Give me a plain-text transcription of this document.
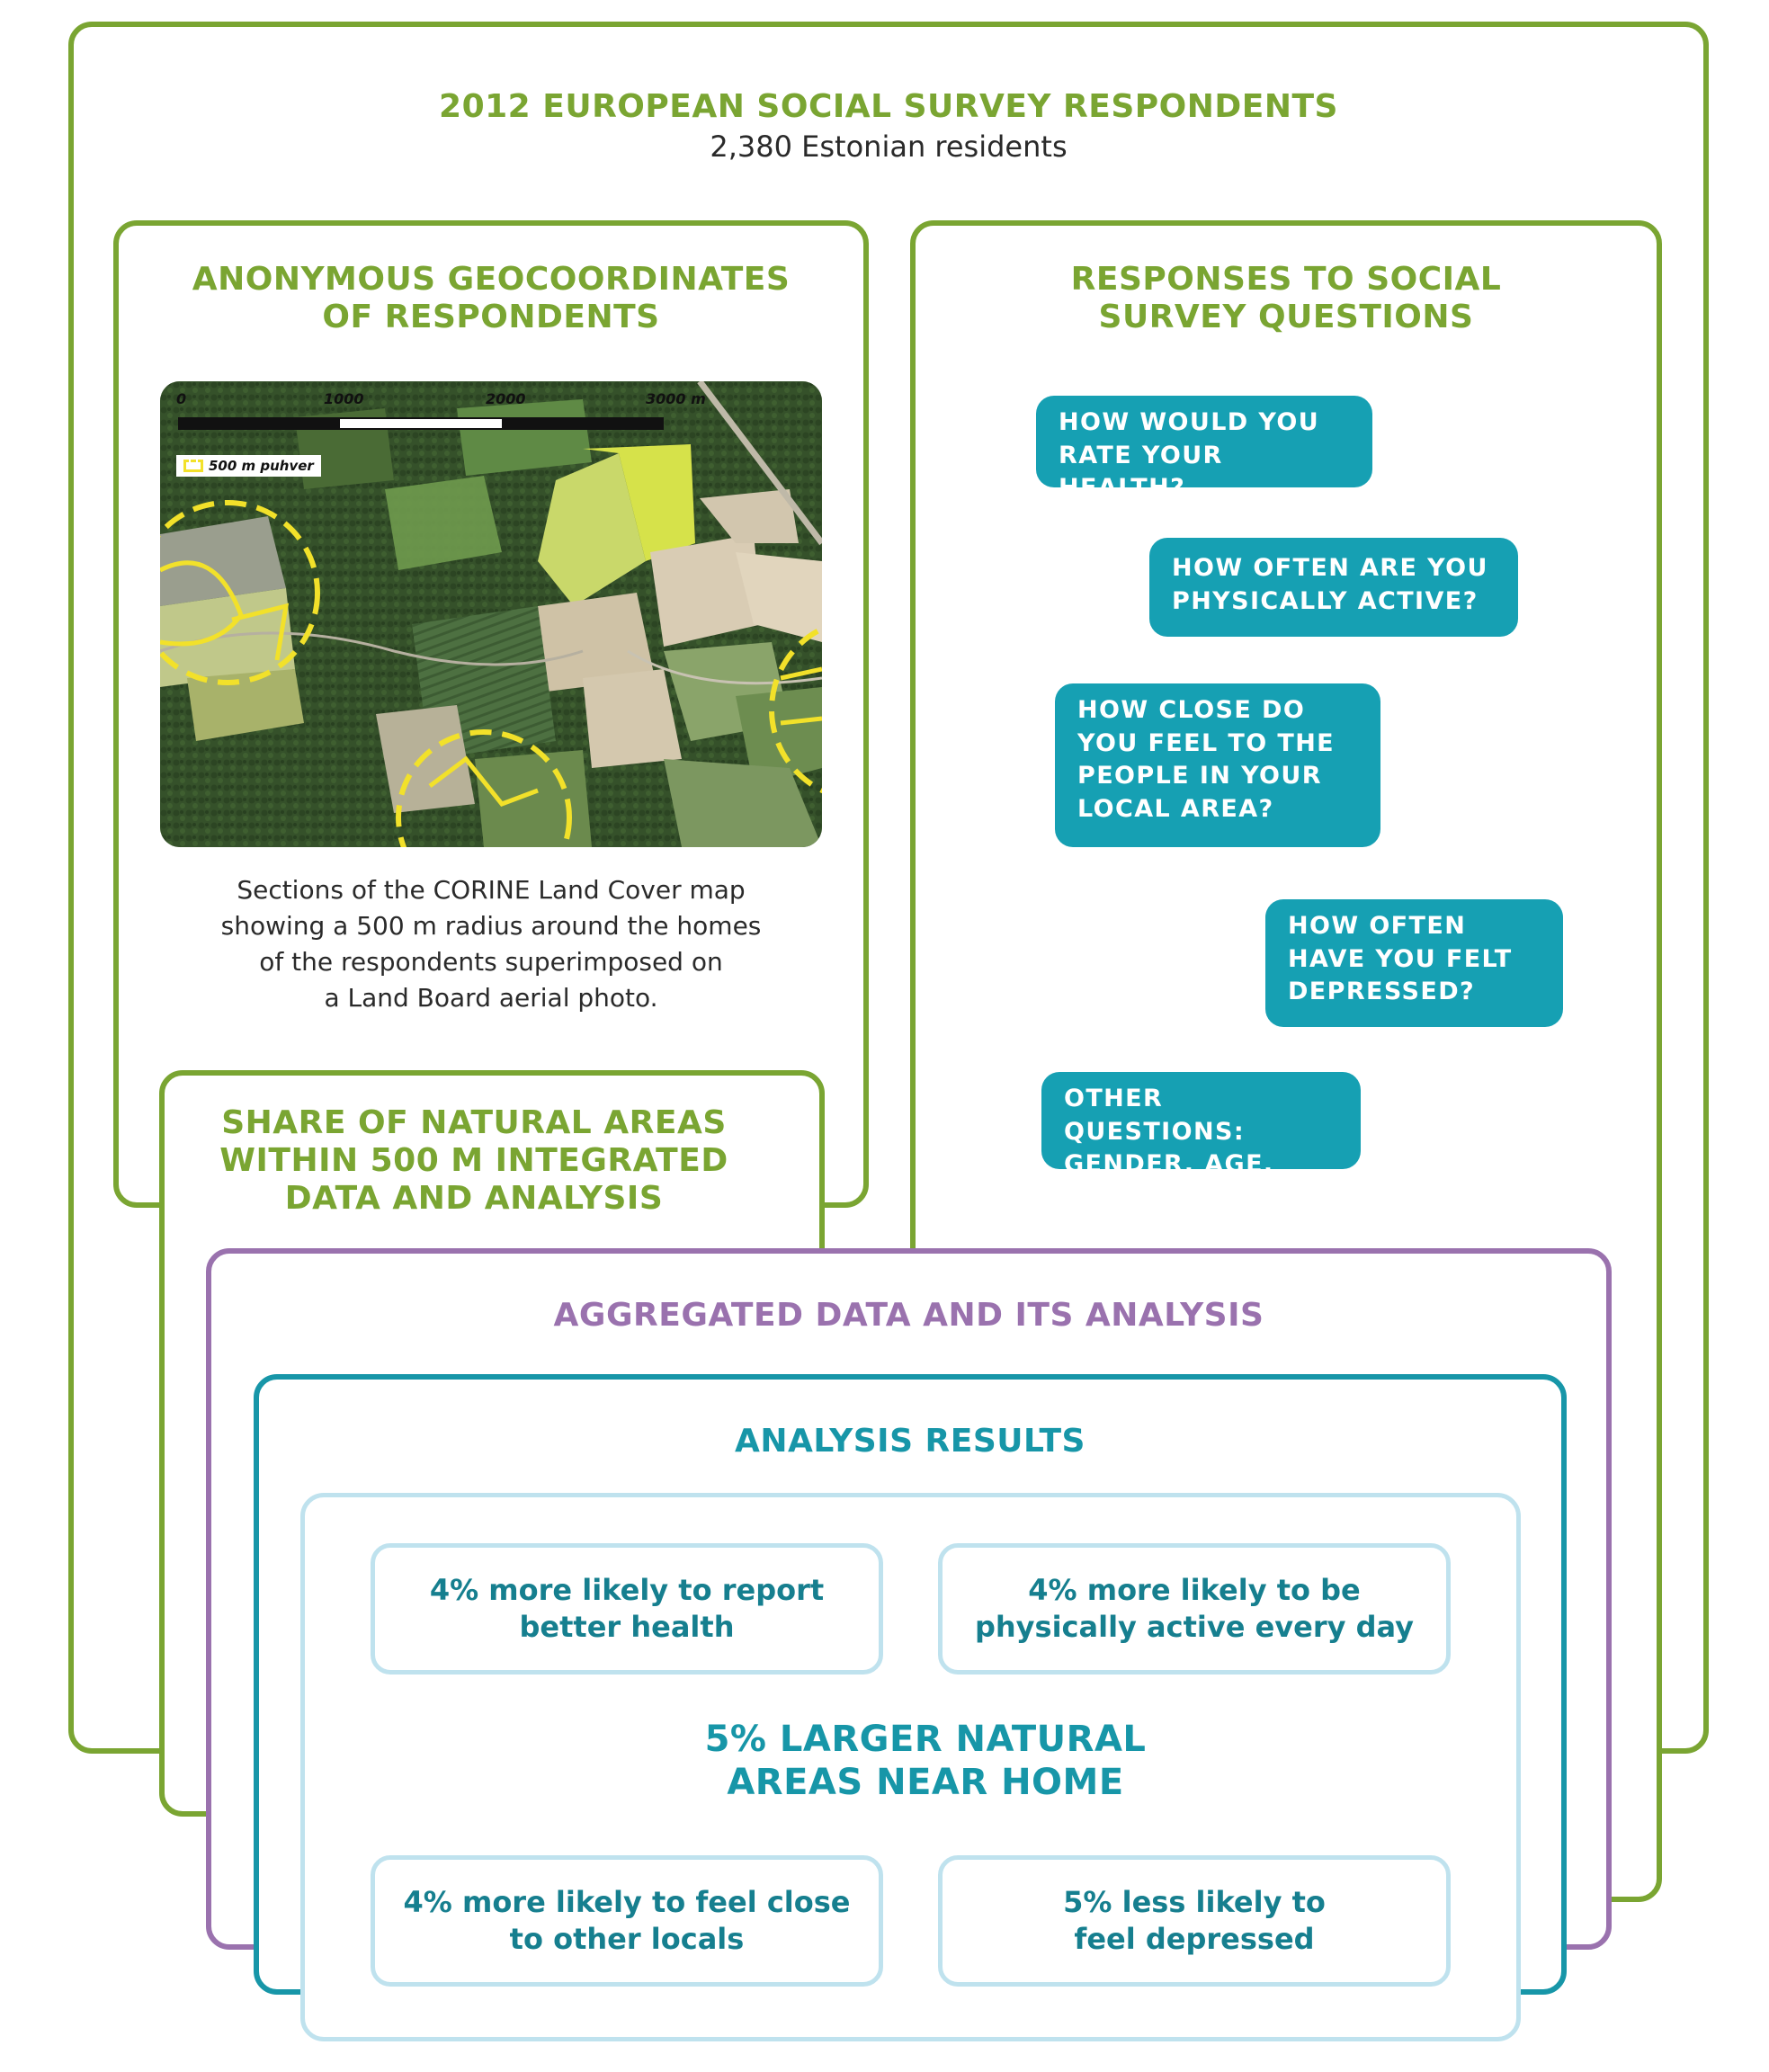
2012 EUROPEAN SOCIAL SURVEY RESPONDENTS
2,380 Estonian residents
RESPONSES TO SOCIAL
SURVEY QUESTIONS
HOW WOULD YOU
RATE YOUR HEALTH?
HOW OFTEN ARE YOU
PHYSICALLY ACTIVE?
HOW CLOSE DO
YOU FEEL TO THE
PEOPLE IN YOUR
LOCAL AREA?
HOW OFTEN
HAVE YOU FELT
DEPRESSED?
OTHER QUESTIONS:
GENDER, AGE, ETC.
ANONYMOUS GEOCOORDINATES
OF RESPONDENTS
0	1000	2000	3000 m
500 m puhver
Sections of the CORINE Land Cover map
showing a 500 m radius around the homes
of the respondents superimposed on
a Land Board aerial photo.
SHARE OF NATURAL AREAS
WITHIN 500 M INTEGRATED
DATA AND ANALYSIS
AGGREGATED DATA AND ITS ANALYSIS
ANALYSIS RESULTS
4% more likely to report
better health
4% more likely to be
physically active every day
5% LARGER NATURAL
AREAS NEAR HOME
4% more likely to feel close
to other locals
5% less likely to
feel depressed
